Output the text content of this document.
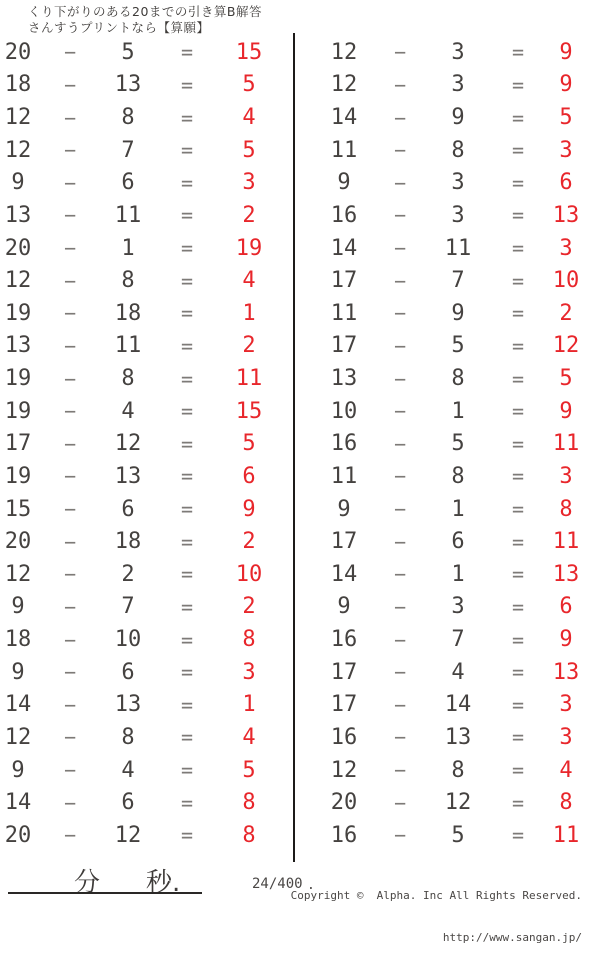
くり下がりのある20までの引き算B解答
さんすうプリントなら【算願】
20	−	5	=	15
18	−	13	=	5
12	−	8	=	4
12	−	7	=	5
9	−	6	=	3
13	−	11	=	2
20	−	1	=	19
12	−	8	=	4
19	−	18	=	1
13	−	11	=	2
19	−	8	=	11
19	−	4	=	15
17	−	12	=	5
19	−	13	=	6
15	−	6	=	9
20	−	18	=	2
12	−	2	=	10
9	−	7	=	2
18	−	10	=	8
9	−	6	=	3
14	−	13	=	1
12	−	8	=	4
9	−	4	=	5
14	−	6	=	8
20	−	12	=	8
12	−	3	=	9
12	−	3	=	9
14	−	9	=	5
11	−	8	=	3
9	−	3	=	6
16	−	3	=	13
14	−	11	=	3
17	−	7	=	10
11	−	9	=	2
17	−	5	=	12
13	−	8	=	5
10	−	1	=	9
16	−	5	=	11
11	−	8	=	3
9	−	1	=	8
17	−	6	=	11
14	−	1	=	13
9	−	3	=	6
16	−	7	=	9
17	−	4	=	13
17	−	14	=	3
16	−	13	=	3
12	−	8	=	4
20	−	12	=	8
16	−	5	=	11
分 秒.	24/400 .

Copyright ©  Alpha. Inc All Rights Reserved.

http://www.sangan.jp/
